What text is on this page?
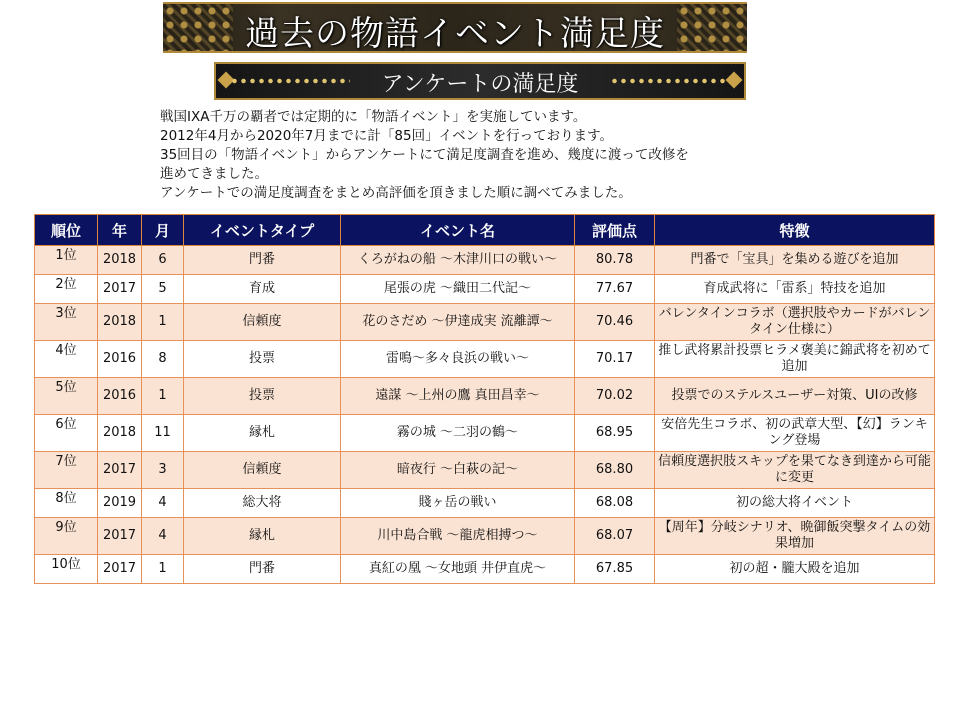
過去の物語イベント満足度
アンケートの満足度

戦国IXA千万の覇者では定期的に「物語イベント」を実施しています。

2012年4月から2020年7月までに計「85回」イベントを行っております。

35回目の「物語イベント」からアンケートにて満足度調査を進め、幾度に渡って改修を

進めてきました。

アンケートでの満足度調査をまとめ高評価を頂きました順に調べてみました。

順位	年	月	イベントタイプ	イベント名	評価点	特徴
1位	2018	6	門番	くろがねの船 ～木津川口の戦い～	80.78	門番で「宝具」を集める遊びを追加
2位	2017	5	育成	尾張の虎 ～織田二代記～	77.67	育成武将に「雷系」特技を追加
3位	2018	1	信頼度	花のさだめ ～伊達成実 流離譚～	70.46	バレンタインコラボ（選択肢やカードがバレンタイン仕様に）
4位	2016	8	投票	雷鳴～多々良浜の戦い～	70.17	推し武将累計投票ヒラメ褒美に錦武将を初めて追加
5位	2016	1	投票	遠謀 ～上州の鷹 真田昌幸～	70.02	投票でのステルスユーザー対策、UIの改修
6位	2018	11	縁札	霧の城 ～二羽の鶴～	68.95	安倍先生コラボ、初の武章大型、【幻】ランキング登場
7位	2017	3	信頼度	暗夜行 ～白萩の記～	68.80	信頼度選択肢スキップを果てなき到達から可能に変更
8位	2019	4	総大将	賤ヶ岳の戦い	68.08	初の総大将イベント
9位	2017	4	縁札	川中島合戦 ～龍虎相搏つ～	68.07	【周年】分岐シナリオ、晩御飯突撃タイムの効果増加
10位	2017	1	門番	真紅の凰 ～女地頭 井伊直虎～	67.85	初の超・朧大殿を追加
